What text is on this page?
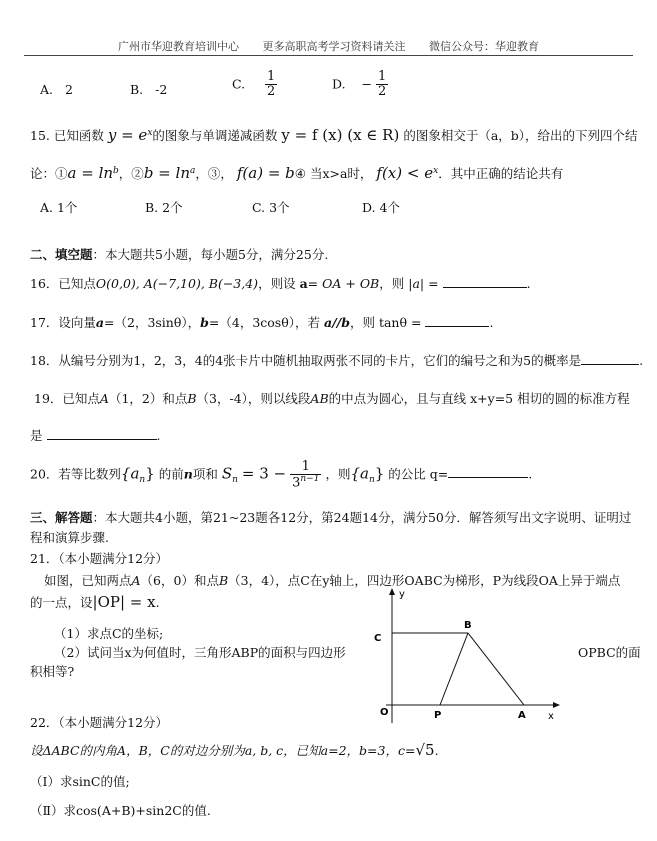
广州市华迎教育培训中心 更多高职高考学习资料请关注 微信公众号：华迎教育
A. 2	B. -2	C. $\frac{1}{2}$	D. − $\frac{1}{2}$
15. 已知函数 $y = e^x$的图象与单调递减函数 y = f (x) (x ∈ R) 的图象相交于（a，b），给出的下列四个结
论：①a = $\ln^b$，②b = $\ln^a$，③， f(a) = b④ 当x>a时， $f(x) < e^x$．其中正确的结论共有
A. 1个	B. 2个	C. 3个	D. 4个
二、填空题：本大题共5小题，每小题5分，满分25分.
16．已知点O(0,0), A(−7,10), B(−3,4)，则设 a= OA + OB，则 |a| =	.
17．设向量a=（2，3sinθ），b=（4，3cosθ），若 a//b，则 tanθ =	.
18．从编号分别为1，2，3，4的4张卡片中随机抽取两张不同的卡片，它们的编号之和为5的概率是	.
19．已知点A（1，2）和点B（3，-4），则以线段AB的中点为圆心，且与直线 x+y=5 相切的圆的标准方程
是	.
20．若等比数列$\{a_n\}$ 的前n项和 $S_n = 3 - \frac{1}{3^{n-1}}$ ，则$\{a_n\}$ 的公比 q=	.
三、解答题：本大题共4小题，第21~23题各12分，第24题14分，满分50分．解答须写出文字说明、证明过
程和演算步骤.
21．（本小题满分12分）
如图，已知两点A（6，0）和点B（3，4），点C在y轴上，四边形OABC为梯形，P为线段OA上异于端点
的一点，设|OP| = x.
（1）求点C的坐标;
（2）试问当x为何值时，三角形ABP的面积与四边形	OPBC的面
积相等?
y
x
C
B
O	P	A
22．（本小题满分12分）
设ΔABC的内角A，B，C的对边分别为a, b, c，已知a=2，b=3，c=√5.
（Ⅰ）求sinC的值;
（Ⅱ）求cos(A+B)+sin2C的值.
